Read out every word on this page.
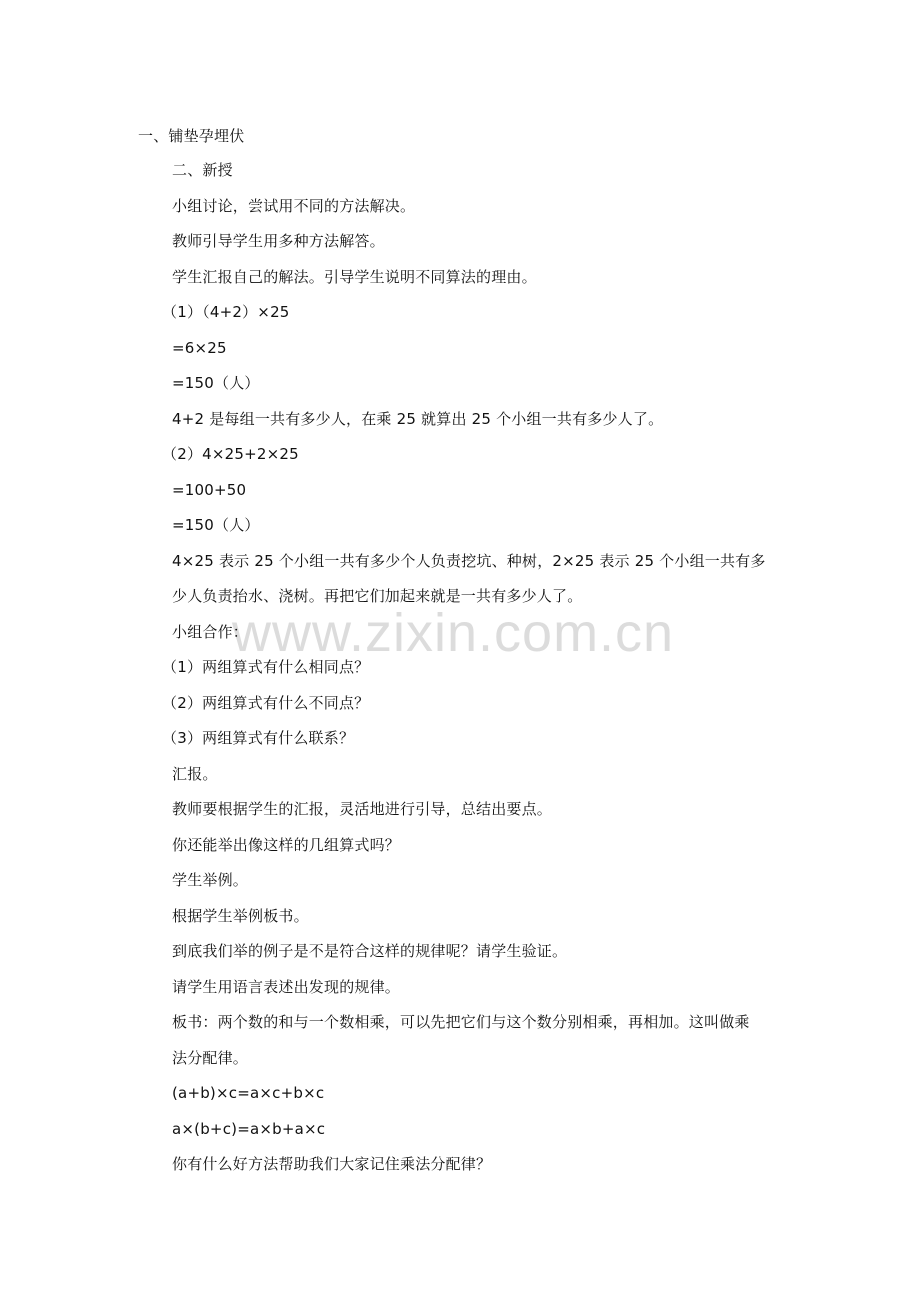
www.zixin.com.cn
一、铺垫孕埋伏
二、新授
小组讨论，尝试用不同的方法解决。
教师引导学生用多种方法解答。
学生汇报自己的解法。引导学生说明不同算法的理由。
（1）（4+2）×25
=6×25
=150（人）
4+2 是每组一共有多少人，在乘 25 就算出 25 个小组一共有多少人了。
（2）4×25+2×25
=100+50
=150（人）
4×25 表示 25 个小组一共有多少个人负责挖坑、种树，2×25 表示 25 个小组一共有多
少人负责抬水、浇树。再把它们加起来就是一共有多少人了。
小组合作：
（1）两组算式有什么相同点？
（2）两组算式有什么不同点？
（3）两组算式有什么联系？
汇报。
教师要根据学生的汇报，灵活地进行引导，总结出要点。
你还能举出像这样的几组算式吗？
学生举例。
根据学生举例板书。
到底我们举的例子是不是符合这样的规律呢？请学生验证。
请学生用语言表述出发现的规律。
板书：两个数的和与一个数相乘，可以先把它们与这个数分别相乘，再相加。这叫做乘
法分配律。
(a+b)×c=a×c+b×c
a×(b+c)=a×b+a×c
你有什么好方法帮助我们大家记住乘法分配律？
